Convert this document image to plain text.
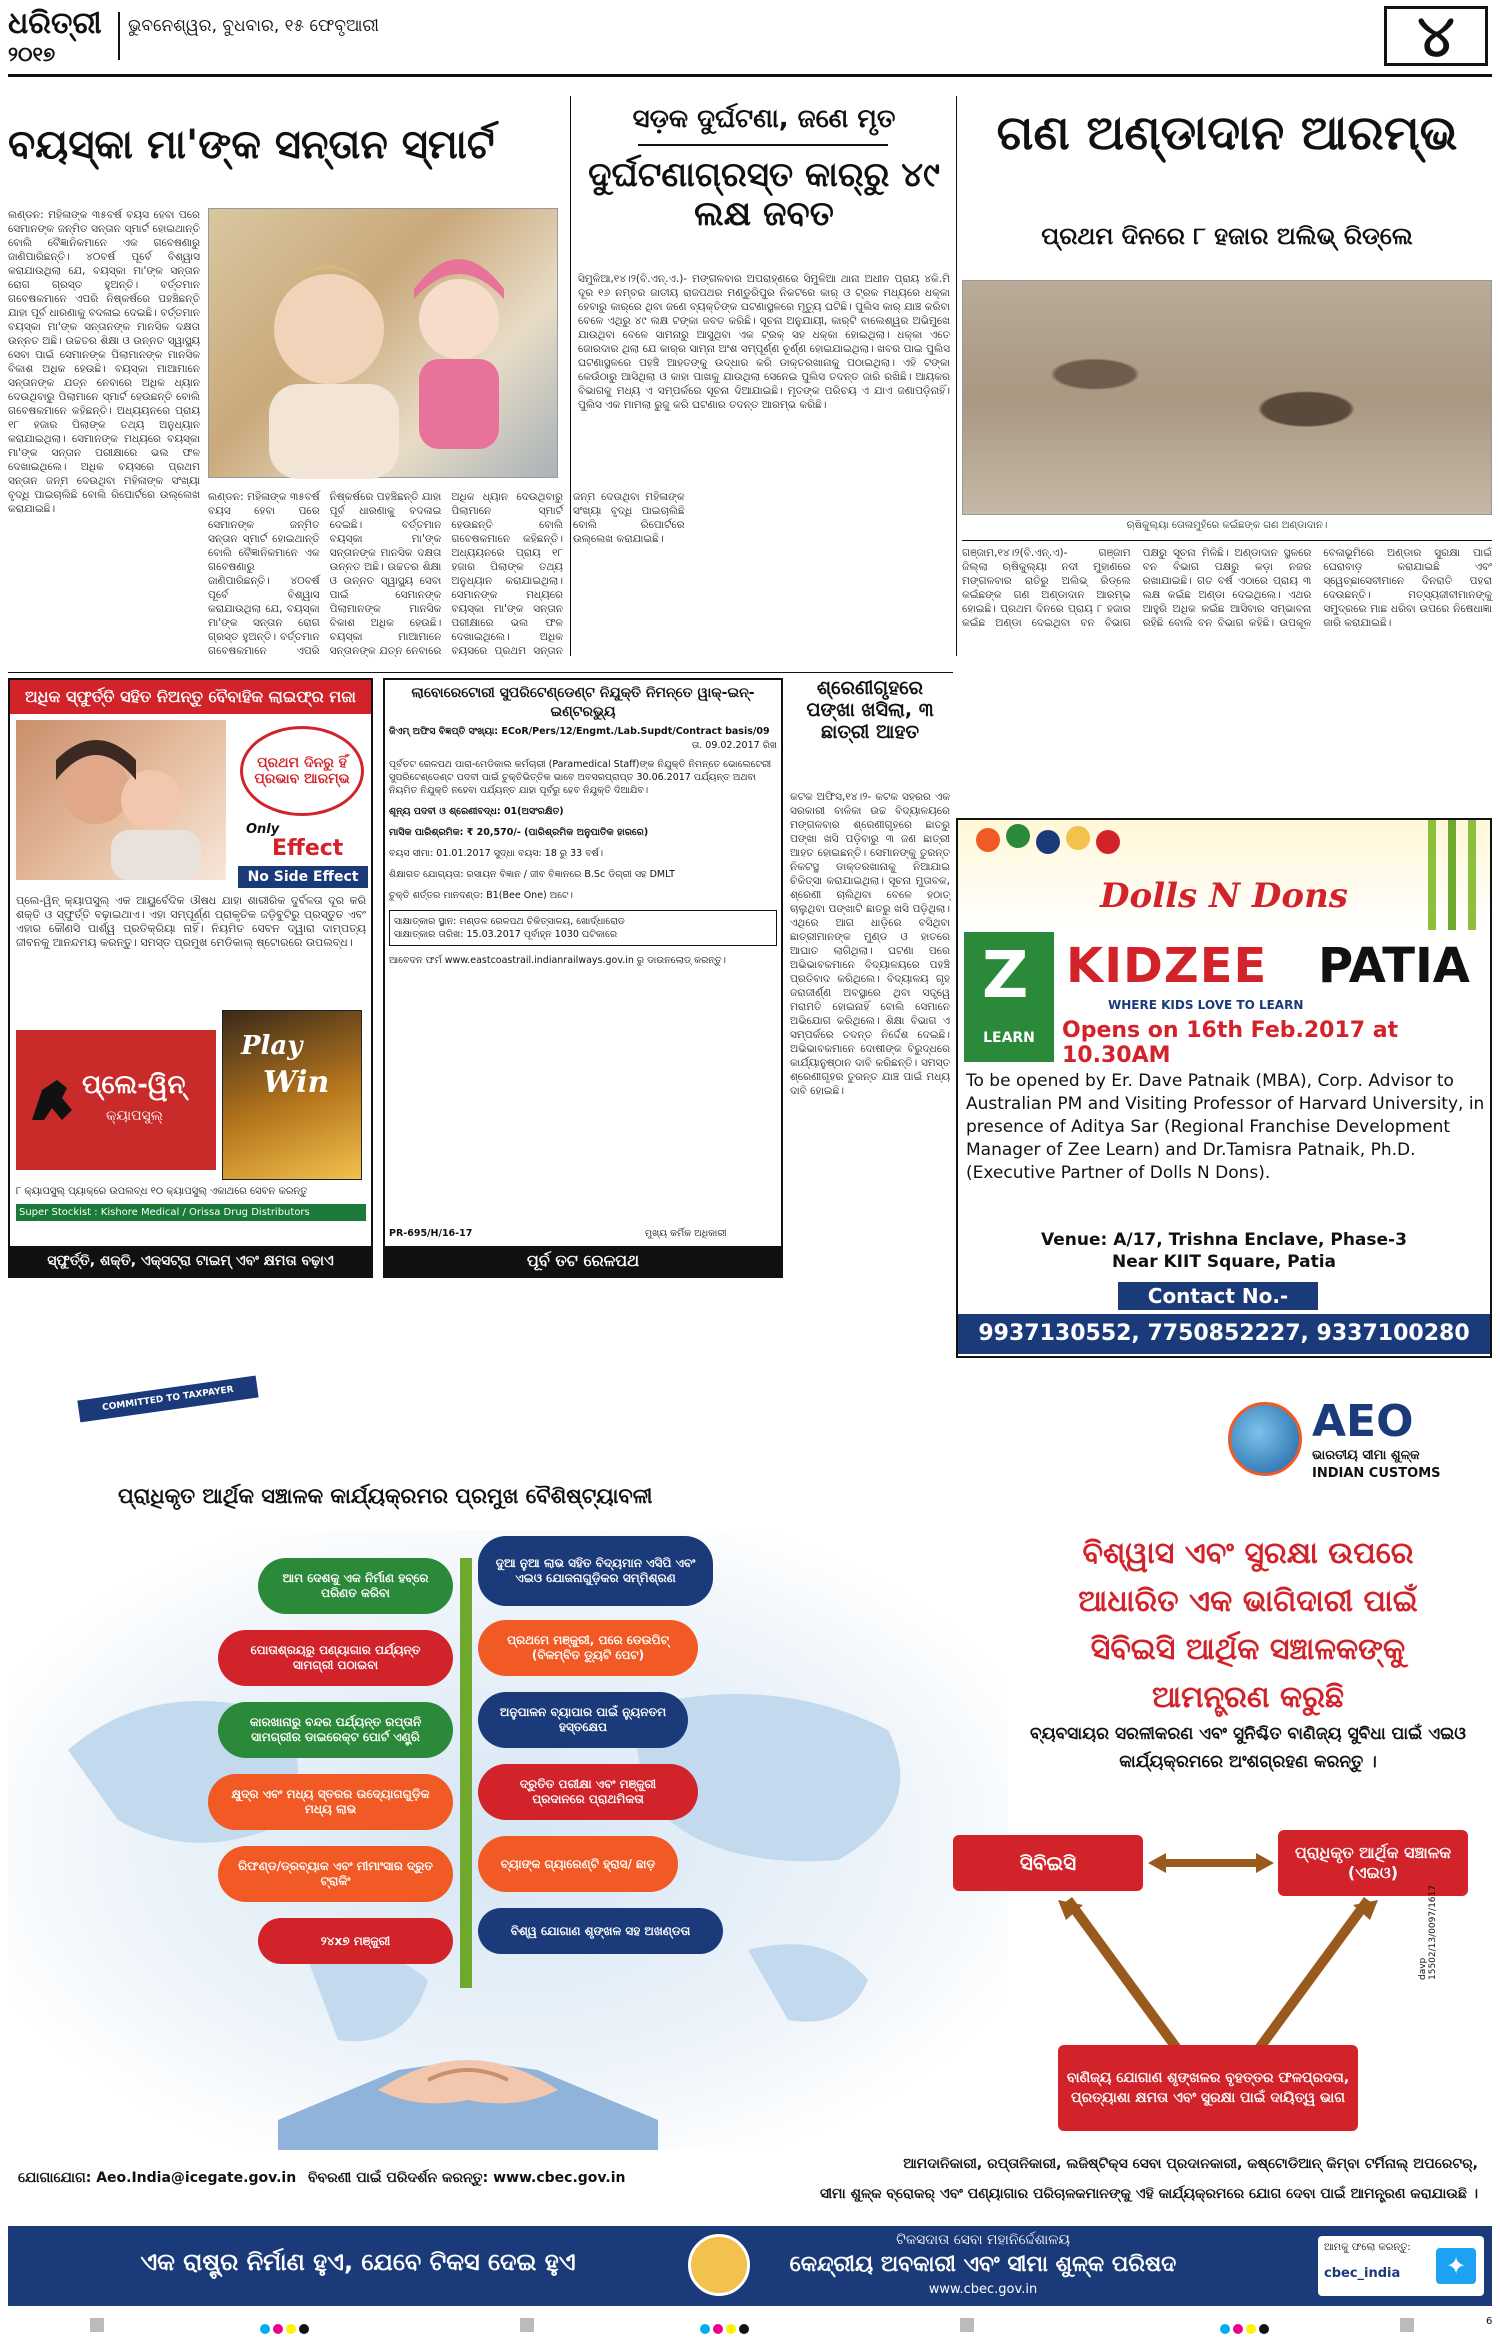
ଧରିତ୍ରୀ
୨୦୧୭
ଭୁବନେଶ୍ୱର, ବୁଧବାର, ୧୫ ଫେବୃଆରୀ	୪
ବୟସ୍କା ମା'ଙ୍କ ସନ୍ତାନ ସ୍ମାର୍ଟ
ଲଣ୍ଡନ: ମହିଳାଙ୍କ ୩୫ବର୍ଷ ବୟସ ହେବା ପରେ ସେମାନଙ୍କ ଜନ୍ମିତ ସନ୍ତାନ ସ୍ମାର୍ଟ ହୋଇଥାନ୍ତି ବୋଲି ବୈଜ୍ଞାନିକମାନେ ଏକ ଗବେଷଣାରୁ ଜାଣିପାରିଛନ୍ତି। ୪୦ବର୍ଷ ପୂର୍ବେ ବିଶ୍ୱାସ କରାଯାଉଥିଲା ଯେ, ବୟସ୍କା ମା'ଙ୍କ ସନ୍ତାନ ରୋଗ ଗ୍ରସ୍ତ ହୁଅନ୍ତି। ବର୍ତ୍ତମାନ ଗବେଷକମାନେ ଏପରି ନିଷ୍କର୍ଷରେ ପହଞ୍ଚିଛନ୍ତି ଯାହା ପୂର୍ବ ଧାରଣାକୁ ବଦଳାଇ ଦେଇଛି। ବର୍ତ୍ତମାନ ବୟସ୍କା ମା'ଙ୍କ ସନ୍ତାନଙ୍କ ମାନସିକ ଦକ୍ଷତା ଉନ୍ନତ ଅଛି। ଉଚ୍ଚତର ଶିକ୍ଷା ଓ ଉନ୍ନତ ସ୍ୱାସ୍ଥ୍ୟ ସେବା ପାଇଁ ସେମାନଙ୍କ ପିଲାମାନଙ୍କ ମାନସିକ ବିକାଶ ଅଧିକ ହେଉଛି। ବୟସ୍କା ମାଆମାନେ ସନ୍ତାନଙ୍କ ଯତ୍ନ ନେବାରେ ଅଧିକ ଧ୍ୟାନ ଦେଉଥିବାରୁ ପିଲାମାନେ ସ୍ମାର୍ଟ ହେଉଛନ୍ତି ବୋଲି ଗବେଷକମାନେ କହିଛନ୍ତି। ଅଧ୍ୟୟନରେ ପ୍ରାୟ ୧୮ ହଜାର ପିଲାଙ୍କ ତଥ୍ୟ ଅନୁଧ୍ୟାନ କରାଯାଇଥିଲା। ସେମାନଙ୍କ ମଧ୍ୟରେ ବୟସ୍କା ମା'ଙ୍କ ସନ୍ତାନ ପରୀକ୍ଷାରେ ଭଲ ଫଳ ଦେଖାଇଥିଲେ। ଅଧିକ ବୟସରେ ପ୍ରଥମ ସନ୍ତାନ ଜନ୍ମ ଦେଉଥିବା ମହିଳାଙ୍କ ସଂଖ୍ୟା ବୃଦ୍ଧି ପାଇଚାଲିଛି ବୋଲି ରିପୋର୍ଟରେ ଉଲ୍ଲେଖ କରାଯାଇଛି।
ଲଣ୍ଡନ: ମହିଳାଙ୍କ ୩୫ବର୍ଷ ବୟସ ହେବା ପରେ ସେମାନଙ୍କ ଜନ୍ମିତ ସନ୍ତାନ ସ୍ମାର୍ଟ ହୋଇଥାନ୍ତି ବୋଲି ବୈଜ୍ଞାନିକମାନେ ଏକ ଗବେଷଣାରୁ ଜାଣିପାରିଛନ୍ତି। ୪୦ବର୍ଷ ପୂର୍ବେ ବିଶ୍ୱାସ କରାଯାଉଥିଲା ଯେ, ବୟସ୍କା ମା'ଙ୍କ ସନ୍ତାନ ରୋଗ ଗ୍ରସ୍ତ ହୁଅନ୍ତି। ବର୍ତ୍ତମାନ ଗବେଷକମାନେ ଏପରି ନିଷ୍କର୍ଷରେ ପହଞ୍ଚିଛନ୍ତି ଯାହା ପୂର୍ବ ଧାରଣାକୁ ବଦଳାଇ ଦେଇଛି। ବର୍ତ୍ତମାନ ବୟସ୍କା ମା'ଙ୍କ ସନ୍ତାନଙ୍କ ମାନସିକ ଦକ୍ଷତା ଉନ୍ନତ ଅଛି। ଉଚ୍ଚତର ଶିକ୍ଷା ଓ ଉନ୍ନତ ସ୍ୱାସ୍ଥ୍ୟ ସେବା ପାଇଁ ସେମାନଙ୍କ ପିଲାମାନଙ୍କ ମାନସିକ ବିକାଶ ଅଧିକ ହେଉଛି। ବୟସ୍କା ମାଆମାନେ ସନ୍ତାନଙ୍କ ଯତ୍ନ ନେବାରେ ଅଧିକ ଧ୍ୟାନ ଦେଉଥିବାରୁ ପିଲାମାନେ ସ୍ମାର୍ଟ ହେଉଛନ୍ତି ବୋଲି ଗବେଷକମାନେ କହିଛନ୍ତି। ଅଧ୍ୟୟନରେ ପ୍ରାୟ ୧୮ ହଜାର ପିଲାଙ୍କ ତଥ୍ୟ ଅନୁଧ୍ୟାନ କରାଯାଇଥିଲା। ସେମାନଙ୍କ ମଧ୍ୟରେ ବୟସ୍କା ମା'ଙ୍କ ସନ୍ତାନ ପରୀକ୍ଷାରେ ଭଲ ଫଳ ଦେଖାଇଥିଲେ। ଅଧିକ ବୟସରେ ପ୍ରଥମ ସନ୍ତାନ ଜନ୍ମ ଦେଉଥିବା ମହିଳାଙ୍କ ସଂଖ୍ୟା ବୃଦ୍ଧି ପାଇଚାଲିଛି ବୋଲି ରିପୋର୍ଟରେ ଉଲ୍ଲେଖ କରାଯାଇଛି।
ସଡ଼କ ଦୁର୍ଘଟଣା, ଜଣେ ମୃତ
ଦୁର୍ଘଟଣାଗ୍ରସ୍ତ କାର୍‌ରୁ ୪୯ ଲକ୍ଷ ଜବତ
ସିମୁଳିଆ,୧୪।୨(ବି.ଏନ୍‌.ଏ.)- ମଙ୍ଗଳବାର ଅପରାହ୍ଣରେ ସିମୁଳିଆ ଥାନା ଅଧୀନ ପ୍ରାୟ ୪କି.ମି ଦୂର ୧୬ ନମ୍ବର ଜାତୀୟ ରାଜପଥର ମଣ୍ଡୁରିପୁର ନିକଟରେ କାର୍‌ ଓ ଟ୍ରକ ମଧ୍ୟରେ ଧକ୍କା ହେବାରୁ କାର୍‌ରେ ଥିବା ଜଣେ ବ୍ୟକ୍ତିଙ୍କ ଘଟଣାସ୍ଥଳରେ ମୃତ୍ୟୁ ଘଟିଛି। ପୁଲିସ କାର୍‌ ଯାଞ୍ଚ କରିବା ବେଳେ ଏଥିରୁ ୪୯ ଲକ୍ଷ ଟଙ୍କା ଜବତ କରିଛି। ସୂଚନା ଅନୁଯାୟୀ, କାର୍‌ଟି ବାଲେଶ୍ୱର ଅଭିମୁଖେ ଯାଉଥିବା ବେଳେ ସାମନାରୁ ଆସୁଥିବା ଏକ ଟ୍ରକ୍‌ ସହ ଧକ୍କା ହୋଇଥିଲା। ଧକ୍କା ଏତେ ଜୋରଦାର ଥିଲା ଯେ କାର୍‌ର ସାମ୍ନା ଅଂଶ ସମ୍ପୂର୍ଣ୍ଣ ଚୂର୍ଣ୍ଣ ହୋଇଯାଇଥିଲା। ଖବର ପାଇ ପୁଲିସ ଘଟଣାସ୍ଥଳରେ ପହଞ୍ଚି ଆହତଙ୍କୁ ଉଦ୍ଧାର କରି ଡାକ୍ତରଖାନାକୁ ପଠାଇଥିଲା। ଏହି ଟଙ୍କା କେଉଁଠାରୁ ଆସିଥିଲା ଓ କାହା ପାଖକୁ ଯାଉଥିଲା ସେନେଇ ପୁଲିସ ତଦନ୍ତ ଜାରି ରଖିଛି। ଆୟକର ବିଭାଗକୁ ମଧ୍ୟ ଏ ସମ୍ପର୍କରେ ସୂଚନା ଦିଆଯାଇଛି। ମୃତଙ୍କ ପରିଚୟ ଏ ଯାଏ ଜଣାପଡ଼ିନାହିଁ। ପୁଲିସ ଏକ ମାମଲା ରୁଜୁ କରି ଘଟଣାର ତଦନ୍ତ ଆରମ୍ଭ କରିଛି।
ଗଣ ଅଣ୍ଡାଦାନ ଆରମ୍ଭ
ପ୍ରଥମ ଦିନରେ ୮ ହଜାର ଅଲିଭ୍ ରିଡ୍‌ଲେ
ଋଷିକୁଲ୍ୟା ତୋଳାମୁହଁରେ କଇଁଛଙ୍କ ଗଣ ଅଣ୍ଡାଦାନ।
ଗଞ୍ଜାମ,୧୪।୨(ବି.ଏନ୍‌.ଏ)- ଗଞ୍ଜାମ ଜିଲ୍ଲା ଋଷିକୁଲ୍ୟା ନଦୀ ମୁହାଣରେ ମଙ୍ଗଳବାର ରାତିରୁ ଅଲିଭ୍ ରିଡ୍‌ଲେ କଇଁଛଙ୍କ ଗଣ ଅଣ୍ଡାଦାନ ଆରମ୍ଭ ହୋଇଛି। ପ୍ରଥମ ଦିନରେ ପ୍ରାୟ ୮ ହଜାର କଇଁଛ ଅଣ୍ଡା ଦେଇଥିବା ବନ ବିଭାଗ ପକ୍ଷରୁ ସୂଚନା ମିଳିଛି। ଅଣ୍ଡାଦାନ ସ୍ଥଳରେ ବନ ବିଭାଗ ପକ୍ଷରୁ କଡ଼ା ନଜର ରଖାଯାଇଛି। ଗତ ବର୍ଷ ଏଠାରେ ପ୍ରାୟ ୩ ଲକ୍ଷ କଇଁଛ ଅଣ୍ଡା ଦେଇଥିଲେ। ଏଥର ଆହୁରି ଅଧିକ କଇଁଛ ଆସିବାର ସମ୍ଭାବନା ରହିଛି ବୋଲି ବନ ବିଭାଗ କହିଛି। ଉପକୂଳ ବେଳାଭୂମିରେ ଅଣ୍ଡାର ସୁରକ୍ଷା ପାଇଁ ଘେରାବାଡ଼ କରାଯାଇଛି ଏବଂ ସ୍ୱେଚ୍ଛାସେବୀମାନେ ଦିନରାତି ପହରା ଦେଉଛନ୍ତି। ମତ୍ସ୍ୟଜୀବୀମାନଙ୍କୁ ସମୁଦ୍ରରେ ମାଛ ଧରିବା ଉପରେ ନିଷେଧାଜ୍ଞା ଜାରି କରାଯାଇଛି।
ଅଧିକ ସ୍ଫୁର୍ତ୍ତି ସହିତ ନିଅନ୍ତୁ ବୈବାହିକ ଲାଇଫ୍‌ର ମଜା
ପ୍ରଥମ ଦିନରୁ ହିଁ ପ୍ରଭାବ ଆରମ୍ଭ
Only
Effect
No Side Effect
ପ୍ଲେ-ୱିନ୍ କ୍ୟାପସୁଲ୍ ଏକ ଆୟୁର୍ବେଦିକ ଔଷଧ ଯାହା ଶାରୀରିକ ଦୁର୍ବଳତା ଦୂର କରି ଶକ୍ତି ଓ ସ୍ଫୁର୍ତ୍ତି ବଢ଼ାଇଥାଏ। ଏହା ସମ୍ପୂର୍ଣ୍ଣ ପ୍ରାକୃତିକ ଜଡ଼ିବୁଟିରୁ ପ୍ରସ୍ତୁତ ଏବଂ ଏହାର କୌଣସି ପାର୍ଶ୍ୱ ପ୍ରତିକ୍ରିୟା ନାହିଁ। ନିୟମିତ ସେବନ ଦ୍ୱାରା ଦାମ୍ପତ୍ୟ ଜୀବନକୁ ଆନନ୍ଦମୟ କରନ୍ତୁ। ସମସ୍ତ ପ୍ରମୁଖ ମେଡିକାଲ୍ ଷ୍ଟୋରରେ ଉପଲବ୍ଧ।
ପ୍ଲେ-ୱିନ୍
କ୍ୟାପସୁଲ୍
Play
Win
୮ କ୍ୟାପସୁଲ୍ ପ୍ୟାକ୍‌ରେ ଉପଲବ୍ଧ ୧୦ କ୍ୟାପସୁଲ୍ ଏକାଥରେ ସେବନ କରନ୍ତୁ
Super Stockist : Kishore Medical / Orissa Drug Distributors
ସ୍ଫୁର୍ତ୍ତି, ଶକ୍ତି, ଏକ୍ସଟ୍ରା ଟାଇମ୍ ଏବଂ କ୍ଷମତା ବଢ଼ାଏ
ଲାବୋରେଟୋରୀ ସୁପରିଟେଣ୍ଡେଣ୍ଟ ନିଯୁକ୍ତି ନିମନ୍ତେ ୱାକ୍-ଇନ୍-ଇଣ୍ଟରଭ୍ୟୁ
ଜିଏମ୍ ଅଫିସ ବିଜ୍ଞପ୍ତି ସଂଖ୍ୟା: ECoR/Pers/12/Engmt./Lab.Supdt/Contract basis/09
ତା. 09.02.2017 ରିଖ
ପୂର୍ବତଟ ରେଳପଥ ପାରା-ମେଡିକାଲ କର୍ମଚାରୀ (Paramedical Staff)ଙ୍କ ନିଯୁକ୍ତି ନିମନ୍ତେ ଭୋଲେଟେରୀ
ସୁପରିଟେଣ୍ଡେଣ୍ଟ ପଦବୀ ପାଇଁ ଚୁକ୍ତିଭିତ୍ତିକ ଭାବେ ଅବସରପ୍ରାପ୍ତ 30.06.2017 ପର୍ଯ୍ୟନ୍ତ ଅଥବା
ନିୟମିତ ନିଯୁକ୍ତି ନହେବା ପର୍ଯ୍ୟନ୍ତ ଯାହା ପୂର୍ବରୁ ହେବ ନିଯୁକ୍ତି ଦିଆଯିବ।
ଶୂନ୍ୟ ପଦବୀ ଓ ଶ୍ରେଣୀବଦ୍ଧ: 01(ଅସଂରକ୍ଷିତ)
ମାସିକ ପାରିଶ୍ରମିକ: ₹ 20,570/- (ପାରିଶ୍ରମିକ ଅନୁପାତିକ ହାରରେ)
ବୟସ ସୀମା: 01.01.2017 ସୁଦ୍ଧା ବୟସ: 18 ରୁ 33 ବର୍ଷ।
ଶିକ୍ଷାଗତ ଯୋଗ୍ୟତା: ରସାୟନ ବିଜ୍ଞାନ / ଜୀବ ବିଜ୍ଞାନରେ B.Sc ଡିଗ୍ରୀ ସହ DMLT
ଚୁକ୍ତି ଶର୍ତ୍ତର ମାନଦଣ୍ଡ: B1(Bee One) ଅଟେ।
ସାକ୍ଷାତ୍କାର ସ୍ଥାନ: ମଣ୍ଡଳ ରେଳପଥ ଚିକିତ୍ସାଳୟ, ଖୋର୍ଦ୍ଧାରୋଡ
ସାକ୍ଷାତ୍କାର ତାରିଖ: 15.03.2017 ପୂର୍ବାହ୍ନ 1030 ଘଟିକାରେ
ଆବେଦନ ଫର୍ମ www.eastcoastrail.indianrailways.gov.in ରୁ ଡାଉନଲୋଡ୍ କରନ୍ତୁ।
PR-695/H/16-17	ମୁଖ୍ୟ କର୍ମିକ ଅଧିକାରୀ
ପୂର୍ବ ତଟ ରେଳପଥ
ଶ୍ରେଣୀଗୃହରେ ପଙ୍ଖା ଖସିଲା, ୩ ଛାତ୍ରୀ ଆହତ
କଟକ ଅଫିସ,୧୪।୨- କଟକ ସହରର ଏକ ସରକାରୀ ବାଳିକା ଉଚ୍ଚ ବିଦ୍ୟାଳୟରେ ମଙ୍ଗଳବାର ଶ୍ରେଣୀଗୃହରେ ଛାତରୁ ପଙ୍ଖା ଖସି ପଡ଼ିବାରୁ ୩ ଜଣ ଛାତ୍ରୀ ଆହତ ହୋଇଛନ୍ତି। ସେମାନଙ୍କୁ ତୁରନ୍ତ ନିକଟସ୍ଥ ଡାକ୍ତରଖାନାକୁ ନିଆଯାଇ ଚିକିତ୍ସା କରାଯାଇଥିଲା। ସୂଚନା ମୁତାବକ, ଶ୍ରେଣୀ ଚାଲିଥିବା ବେଳେ ହଠାତ୍ ଚାଲୁଥିବା ପଙ୍ଖାଟି ଛାତରୁ ଖସି ପଡ଼ିଥିଲା। ଏଥିରେ ଆଗ ଧାଡ଼ିରେ ବସିଥିବା ଛାତ୍ରୀମାନଙ୍କ ମୁଣ୍ଡ ଓ ହାତରେ ଆଘାତ ଲାଗିଥିଲା। ଘଟଣା ପରେ ଅଭିଭାବକମାନେ ବିଦ୍ୟାଳୟରେ ପହଞ୍ଚି ପ୍ରତିବାଦ କରିଥିଲେ। ବିଦ୍ୟାଳୟ ଗୃହ ଜରାଜୀର୍ଣ୍ଣ ଅବସ୍ଥାରେ ଥିବା ସତ୍ତ୍ୱେ ମରାମତି ହୋଇନାହିଁ ବୋଲି ସେମାନେ ଅଭିଯୋଗ କରିଥିଲେ। ଶିକ୍ଷା ବିଭାଗ ଏ ସମ୍ପର୍କରେ ତଦନ୍ତ ନିର୍ଦ୍ଦେଶ ଦେଇଛି। ଅଭିଭାବକମାନେ ଦୋଷୀଙ୍କ ବିରୁଦ୍ଧରେ କାର୍ଯ୍ୟାନୁଷ୍ଠାନ ଦାବି କରିଛନ୍ତି। ସମସ୍ତ ଶ୍ରେଣୀଗୃହର ତୁରନ୍ତ ଯାଞ୍ଚ ପାଇଁ ମଧ୍ୟ ଦାବି ହୋଇଛି।
Dolls N Dons
Z
LEARN
KIDZEE PATIA
WHERE KIDS LOVE TO LEARN
Opens on 16th Feb.2017 at 10.30AM
To be opened by Er. Dave Patnaik (MBA), Corp. Advisor to Australian PM and Visiting Professor of Harvard University, in presence of Aditya Sar (Regional Franchise Development Manager of Zee Learn) and Dr.Tamisra Patnaik, Ph.D. (Executive Partner of Dolls N Dons).
Venue: A/17, Trishna Enclave, Phase-3
Near KIIT Square, Patia
Contact No.-
9937130552, 7750852227, 9337100280
COMMITTED TO TAXPAYER SERVICES	AEO
ଭାରତୀୟ ସୀମା ଶୁଳ୍କ
INDIAN CUSTOMS
ପ୍ରାଧିକୃତ ଆର୍ଥିକ ସଞ୍ଚାଳକ କାର୍ଯ୍ୟକ୍ରମର ପ୍ରମୁଖ ବୈଶିଷ୍ଟ୍ୟାବଳୀ
ଆମ ଦେଶକୁ ଏକ ନିର୍ମାଣ ହବ୍‌ରେ ପରିଣତ କରିବା
ପୋତାଶ୍ରୟରୁ ପଣ୍ୟାଗାର ପର୍ଯ୍ୟନ୍ତ ସାମଗ୍ରୀ ପଠାଇବା
କାରଖାନାରୁ ବନ୍ଦର ପର୍ଯ୍ୟନ୍ତ ରପ୍ତାନି ସାମଗ୍ରୀର ଡାଇରେକ୍ଟ ପୋର୍ଟ ଏଣ୍ଟ୍ରି
କ୍ଷୁଦ୍ର ଏବଂ ମଧ୍ୟ ସ୍ତରର ଉଦ୍ୟୋଗଗୁଡ଼ିକ ମଧ୍ୟ ଲାଭ
ରିଫଣ୍ଡ/ଡ୍ରବ୍ୟାକ ଏବଂ ମୀମାଂସାର ଦ୍ରୁତ ଟ୍ରାକିଂ
୨୪x୭ ମଞ୍ଜୁରୀ
ଦୁଆ ନୁଆ ଲାଭ ସହିତ ବିଦ୍ୟମାନ ଏସିପି ଏବଂ ଏଇଓ ଯୋଜନାଗୁଡ଼ିକର ସମ୍ମିଶ୍ରଣ
ପ୍ରଥମେ ମଞ୍ଜୁରୀ, ପରେ ଡେଉପିଟ୍ (ବିଳମ୍ବିତ ଡ୍ୟୁଟି ପେଟ)
ଅନୁପାଳନ ବ୍ୟାପାର ପାଇଁ ନ୍ୟୁନତମ ହସ୍ତକ୍ଷେପ
ଦ୍ରୁତିତ ପରୀକ୍ଷା ଏବଂ ମଞ୍ଜୁରୀ ପ୍ରଦାନରେ ପ୍ରାଥମିକତା
ବ୍ୟାଙ୍କ ଗ୍ୟାରେଣ୍ଟି ହ୍ରାସ/ ଛାଡ଼
ବିଶ୍ୱ ଯୋଗାଣ ଶୃଙ୍ଖଳ ସହ ଅଖଣ୍ଡତା
ବିଶ୍ୱାସ ଏବଂ ସୁରକ୍ଷା ଉପରେ ଆଧାରିତ ଏକ ଭାଗିଦାରୀ ପାଇଁ ସିବିଇସି ଆର୍ଥିକ ସଞ୍ଚାଳକଙ୍କୁ ଆମନ୍ତ୍ରଣ କରୁଛି
ବ୍ୟବସାୟର ସରଳୀକରଣ ଏବଂ ସୁନିଶ୍ଚିତ ବାଣିଜ୍ୟ ସୁବିଧା ପାଇଁ ଏଇଓ କାର୍ଯ୍ୟକ୍ରମରେ ଅଂଶଗ୍ରହଣ କରନ୍ତୁ ।
ସିବିଇସି	ପ୍ରାଧିକୃତ ଆର୍ଥିକ ସଞ୍ଚାଳକ (ଏଇଓ)
ବାଣିଜ୍ୟ ଯୋଗାଣ ଶୃଙ୍ଖଳର ବୃହତ୍ତର ଫଳପ୍ରଦତା, ପ୍ରତ୍ୟାଶା କ୍ଷମତା ଏବଂ ସୁରକ୍ଷା ପାଇଁ ଦାୟିତ୍ୱ ଭାଗ
davp 15502/13/0097/1617
ଆମଦାନିକାରୀ, ରପ୍ତାନିକାରୀ, ଲଜିଷ୍ଟିକ୍ସ ସେବା ପ୍ରଦାନକାରୀ, କଷ୍ଟୋଡିଆନ୍ କିମ୍ବା ଟର୍ମିନାଲ୍ ଅପରେଟର୍,
ସୀମା ଶୁଳ୍କ ବ୍ରୋକର୍ ଏବଂ ପଣ୍ୟାଗାର ପରିଚାଳକମାନଙ୍କୁ ଏହି କାର୍ଯ୍ୟକ୍ରମରେ ଯୋଗ ଦେବା ପାଇଁ ଆମନ୍ତ୍ରଣ କରାଯାଉଛି ।
ଯୋଗାଯୋଗ: Aeo.India@icegate.gov.in ବିବରଣୀ ପାଇଁ ପରିଦର୍ଶନ କରନ୍ତୁ: www.cbec.gov.in
ଏକ ରାଷ୍ଟ୍ର ନିର୍ମାଣ ହୁଏ, ଯେବେ ଟିକସ ଦେଇ ହୁଏ
ଟିକସଦାତା ସେବା ମହାନିର୍ଦ୍ଦେଶାଳୟ
କେନ୍ଦ୍ରୀୟ ଅବକାରୀ ଏବଂ ସୀମା ଶୁଳ୍କ ପରିଷଦ
www.cbec.gov.in
ଆମକୁ ଫଲୋ କରନ୍ତୁ:
cbec_india	✦
6
